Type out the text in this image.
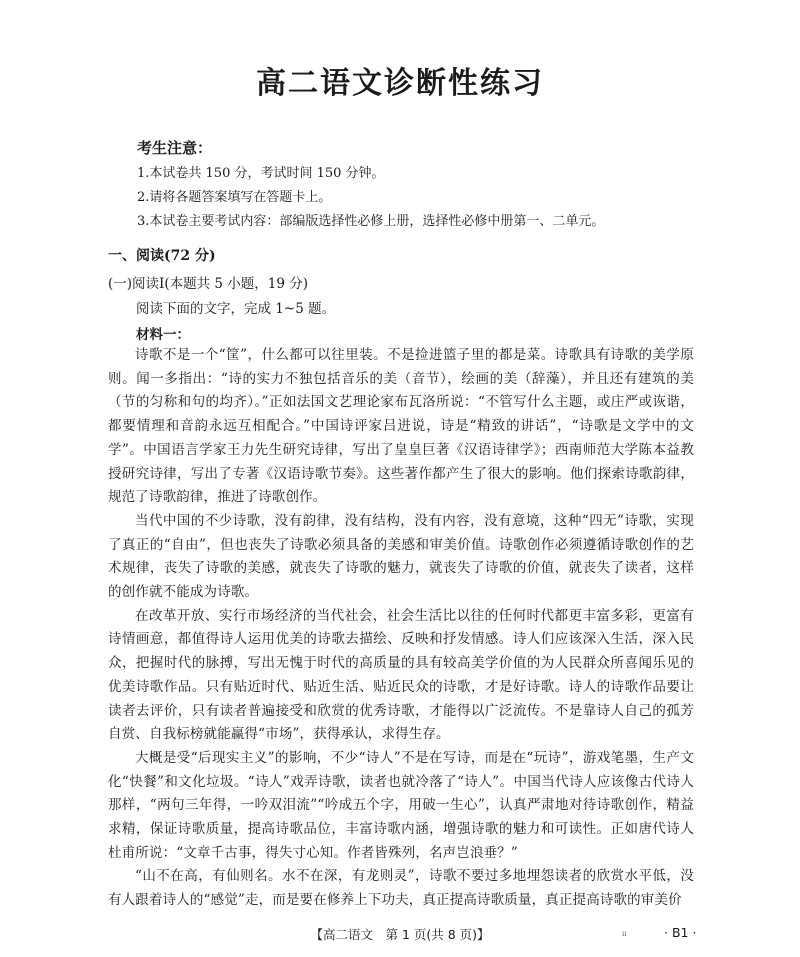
高二语文诊断性练习
考生注意：
1.本试卷共 150 分，考试时间 150 分钟。
2.请将各题答案填写在答题卡上。
3.本试卷主要考试内容：部编版选择性必修上册，选择性必修中册第一、二单元。
一、阅读(72 分)
(一)阅读Ⅰ(本题共 5 小题，19 分)
阅读下面的文字，完成 1~5 题。
材料一：

诗歌不是一个“筐”，什么都可以往里装。不是捡进篮子里的都是菜。诗歌具有诗歌的美学原则。闻一多指出：“诗的实力不独包括音乐的美（音节），绘画的美（辞藻），并且还有建筑的美（节的匀称和句的均齐）。”正如法国文艺理论家布瓦洛所说：“不管写什么主题，或庄严或诙谐，都要情理和音韵永远互相配合。”中国诗评家吕进说，诗是“精致的讲话”，“诗歌是文学中的文学”。中国语言学家王力先生研究诗律，写出了皇皇巨著《汉语诗律学》；西南师范大学陈本益教授研究诗律，写出了专著《汉语诗歌节奏》。这些著作都产生了很大的影响。他们探索诗歌韵律，规范了诗歌韵律，推进了诗歌创作。

当代中国的不少诗歌，没有韵律，没有结构，没有内容，没有意境，这种“四无”诗歌，实现了真正的“自由”，但也丧失了诗歌必须具备的美感和审美价值。诗歌创作必须遵循诗歌创作的艺术规律，丧失了诗歌的美感，就丧失了诗歌的魅力，就丧失了诗歌的价值，就丧失了读者，这样的创作就不能成为诗歌。

在改革开放、实行市场经济的当代社会，社会生活比以往的任何时代都更丰富多彩，更富有诗情画意，都值得诗人运用优美的诗歌去描绘、反映和抒发情感。诗人们应该深入生活，深入民众，把握时代的脉搏，写出无愧于时代的高质量的具有较高美学价值的为人民群众所喜闻乐见的优美诗歌作品。只有贴近时代、贴近生活、贴近民众的诗歌，才是好诗歌。诗人的诗歌作品要让读者去评价，只有读者普遍接受和欣赏的优秀诗歌，才能得以广泛流传。不是靠诗人自己的孤芳自赏、自我标榜就能赢得“市场”，获得承认，求得生存。

大概是受“后现实主义”的影响，不少“诗人”不是在写诗，而是在“玩诗”，游戏笔墨，生产文化“快餐”和文化垃圾。“诗人”戏弄诗歌，读者也就冷落了“诗人”。中国当代诗人应该像古代诗人那样，“两句三年得，一吟双泪流”“吟成五个字，用破一生心”，认真严肃地对待诗歌创作，精益求精，保证诗歌质量，提高诗歌品位，丰富诗歌内涵，增强诗歌的魅力和可读性。正如唐代诗人杜甫所说：“文章千古事，得失寸心知。作者皆殊列，名声岂浪垂？”

“山不在高，有仙则名。水不在深，有龙则灵”，诗歌不要过多地埋怨读者的欣赏水平低，没有人跟着诗人的“感觉”走，而是要在修养上下功夫，真正提高诗歌质量，真正提高诗歌的审美价

【高二语文　第 1 页(共 8 页)】	ᵢᵢ	· B1 ·
